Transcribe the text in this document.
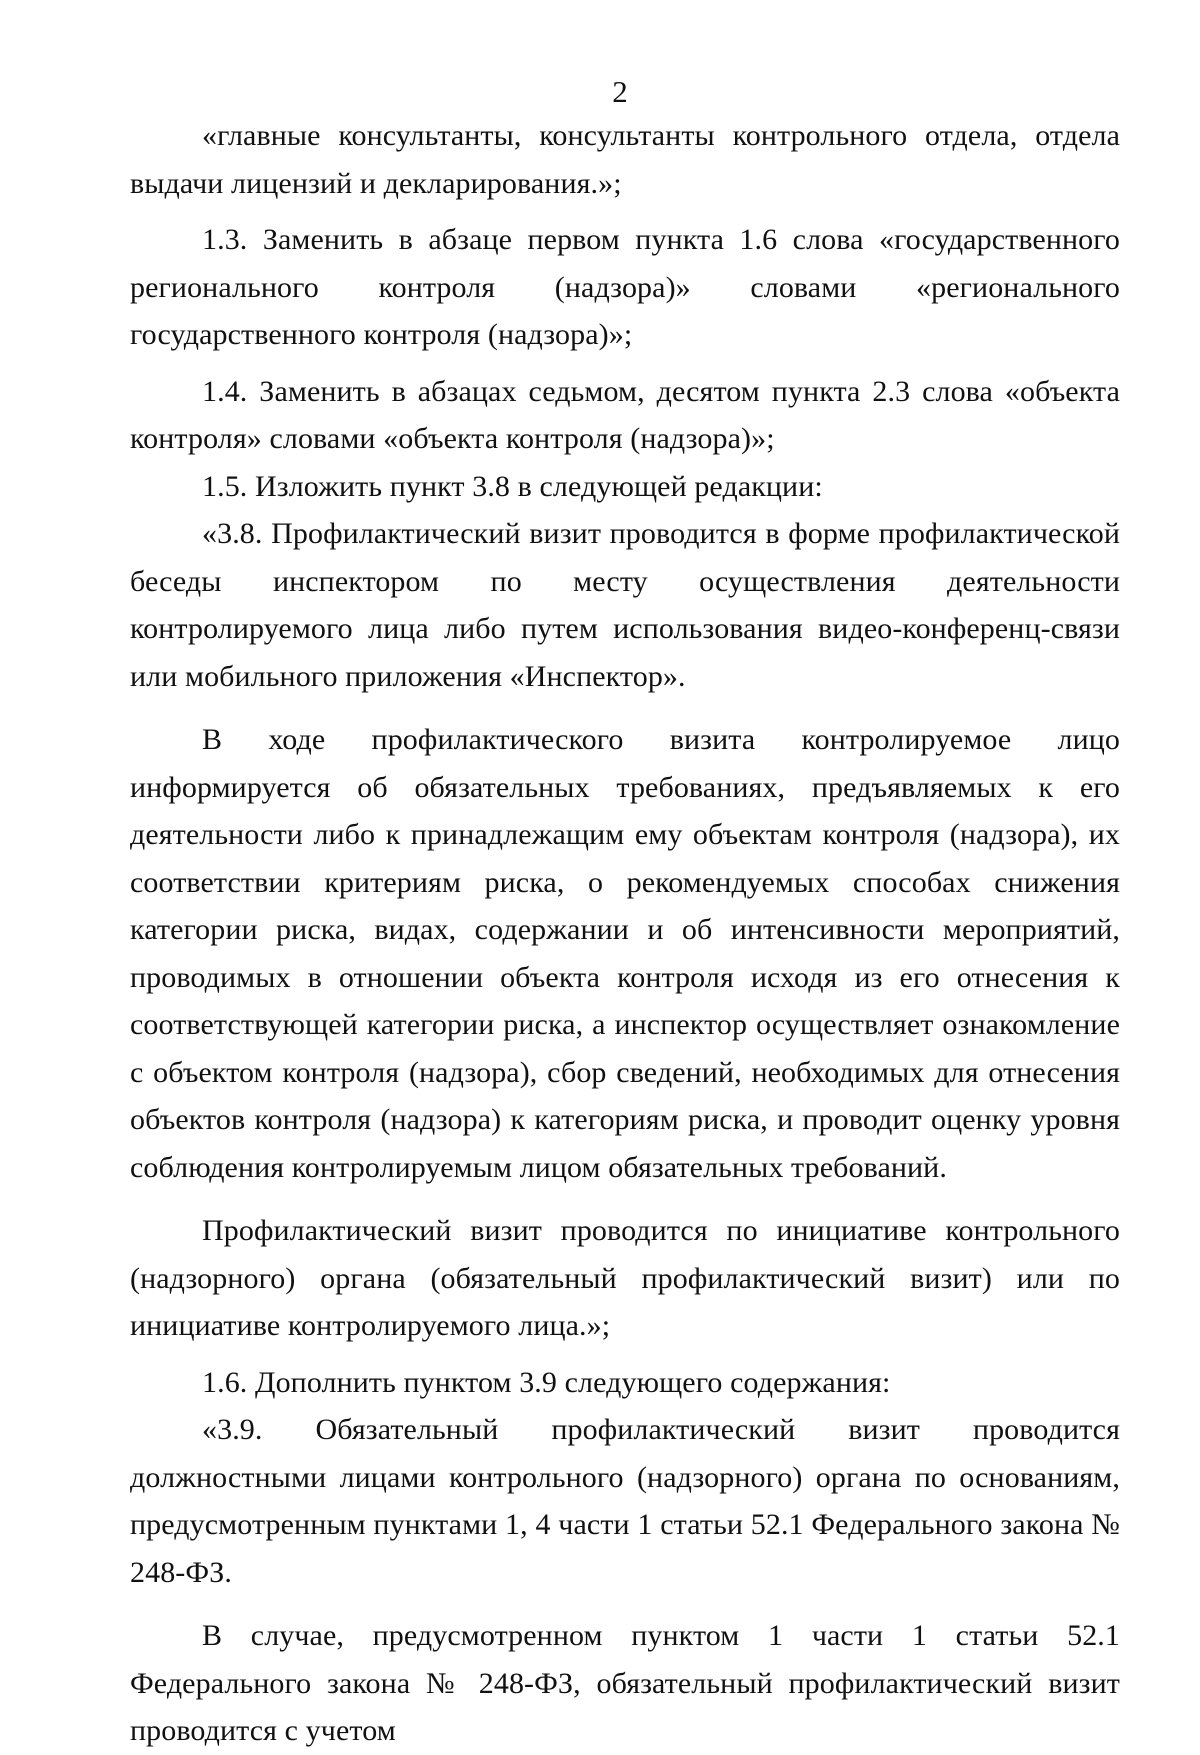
2

«главные консультанты, консультанты контрольного отдела, отдела выдачи лицензий и декларирования.»;

1.3. Заменить в абзаце первом пункта 1.6 слова «государственного регионального контроля (надзора)» словами «регионального государственного контроля (надзора)»;

1.4. Заменить в абзацах седьмом, десятом пункта 2.3 слова «объекта контроля» словами «объекта контроля (надзора)»;

1.5. Изложить пункт 3.8 в следующей редакции:

«3.8. Профилактический визит проводится в форме профилактической беседы инспектором по месту осуществления деятельности контролируемого лица либо путем использования видео-конференц-связи или мобильного приложения «Инспектор».

В ходе профилактического визита контролируемое лицо информируется об обязательных требованиях, предъявляемых к его деятельности либо к принадлежащим ему объектам контроля (надзора), их соответствии критериям риска, о рекомендуемых способах снижения категории риска, видах, содержании и об интенсивности мероприятий, проводимых в отношении объекта контроля исходя из его отнесения к соответствующей категории риска, а инспектор осуществляет ознакомление с объектом контроля (надзора), сбор сведений, необходимых для отнесения объектов контроля (надзора) к категориям риска, и проводит оценку уровня соблюдения контролируемым лицом обязательных требований.

Профилактический визит проводится по инициативе контрольного (надзорного) органа (обязательный профилактический визит) или по инициативе контролируемого лица.»;

1.6. Дополнить пунктом 3.9 следующего содержания:

«3.9. Обязательный профилактический визит проводится должностными лицами контрольного (надзорного) органа по основаниям, предусмотренным пунктами 1, 4 части 1 статьи 52.1 Федерального закона № 248-ФЗ.

В случае, предусмотренном пунктом 1 части 1 статьи 52.1 Федерального закона № 248-ФЗ, обязательный профилактический визит проводится с учетом
